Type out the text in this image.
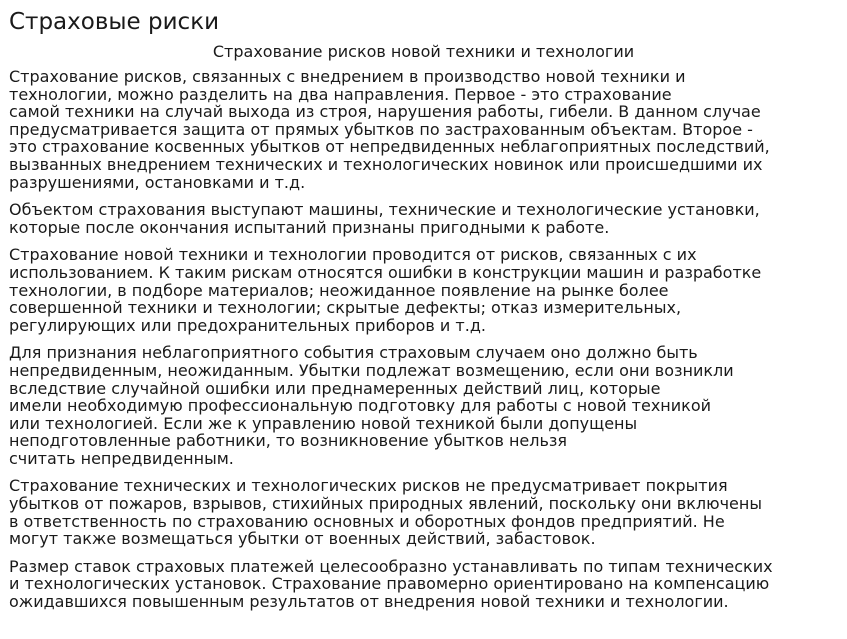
Страховые риски
Страхование рисков новой техники и технологии

Страхование рисков, связанных с внедрением в производство новой техники и
технологии, можно разделить на два направления. Первое - это страхование
самой техники на случай выхода из строя, нарушения работы, гибели. В данном случае
предусматривается защита от прямых убытков по застрахованным объектам. Второе -
это страхование косвенных убытков от непредвиденных неблагоприятных последствий,
вызванных внедрением технических и технологических новинок или происшедшими их
разрушениями, остановками и т.д.

Объектом страхования выступают машины, технические и технологические установки,
которые после окончания испытаний признаны пригодными к работе.

Страхование новой техники и технологии проводится от рисков, связанных с их
использованием. К таким рискам относятся ошибки в конструкции машин и разработке
технологии, в подборе материалов; неожиданное появление на рынке более
совершенной техники и технологии; скрытые дефекты; отказ измерительных,
регулирующих или предохранительных приборов и т.д.

Для признания неблагоприятного события страховым случаем оно должно быть
непредвиденным, неожиданным. Убытки подлежат возмещению, если они возникли
вследствие случайной ошибки или преднамеренных действий лиц, которые
имели необходимую профессиональную подготовку для работы с новой техникой
или технологией. Если же к управлению новой техникой были допущены
неподготовленные работники, то возникновение убытков нельзя
считать непредвиденным.

Страхование технических и технологических рисков не предусматривает покрытия
убытков от пожаров, взрывов, стихийных природных явлений, поскольку они включены
в ответственность по страхованию основных и оборотных фондов предприятий. Не
могут также возмещаться убытки от военных действий, забастовок.

Размер ставок страховых платежей целесообразно устанавливать по типам технических
и технологических установок. Страхование правомерно ориентировано на компенсацию
ожидавшихся повышенным результатов от внедрения новой техники и технологии.
